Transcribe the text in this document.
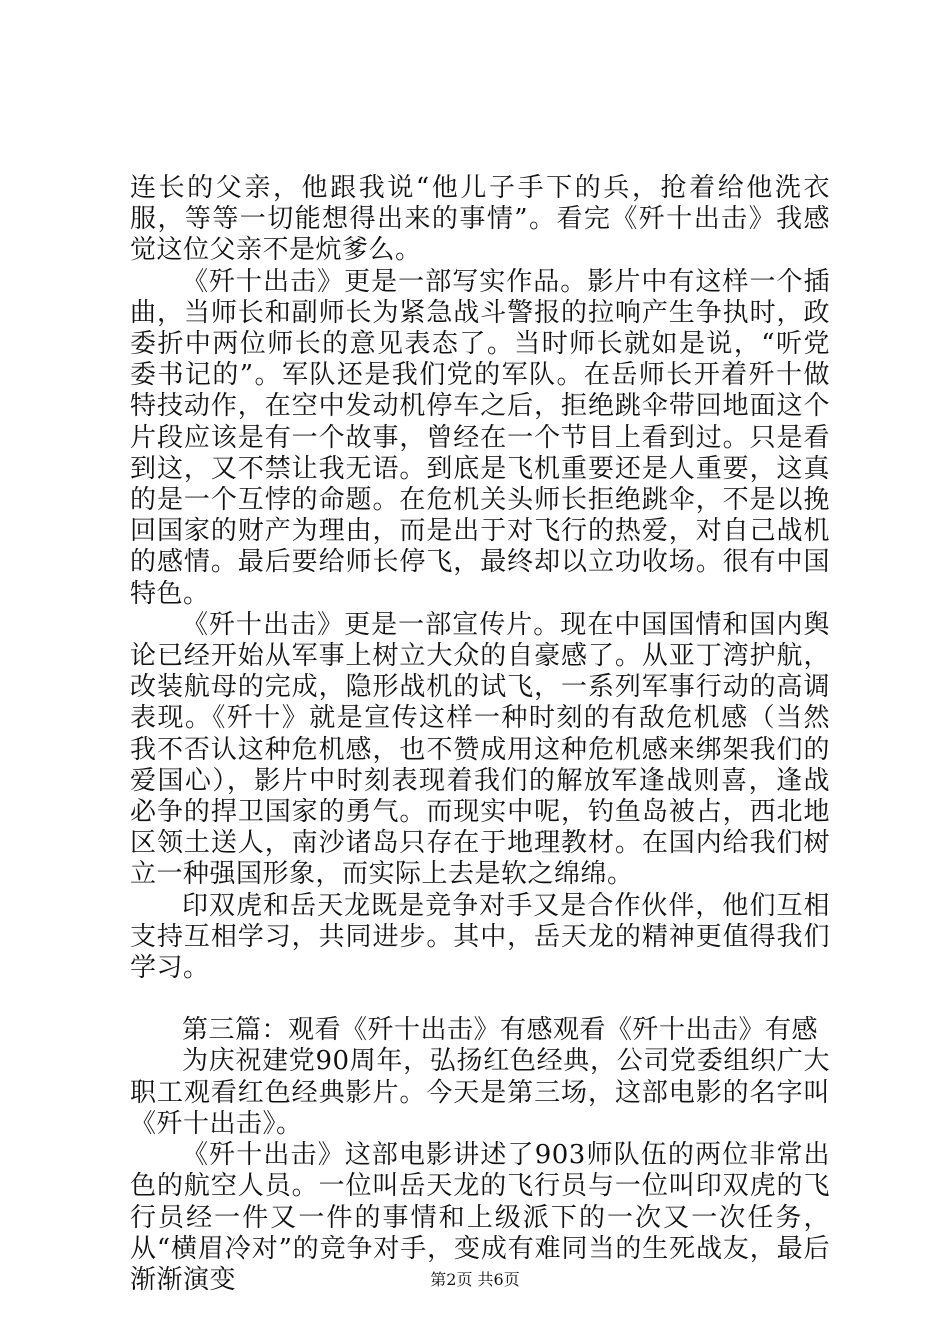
连长的父亲，他跟我说“他儿子手下的兵，抢着给他洗衣服，等等一切能想得出来的事情”。看完《歼十出击》我感觉这位父亲不是炕爹么。

《歼十出击》更是一部写实作品。影片中有这样一个插曲，当师长和副师长为紧急战斗警报的拉响产生争执时，政委折中两位师长的意见表态了。当时师长就如是说，“听党委书记的”。军队还是我们党的军队。在岳师长开着歼十做特技动作，在空中发动机停车之后，拒绝跳伞带回地面这个片段应该是有一个故事，曾经在一个节目上看到过。只是看到这，又不禁让我无语。到底是飞机重要还是人重要，这真的是一个互悖的命题。在危机关头师长拒绝跳伞，不是以挽回国家的财产为理由，而是出于对飞行的热爱，对自己战机的感情。最后要给师长停飞，最终却以立功收场。很有中国特色。

《歼十出击》更是一部宣传片。现在中国国情和国内舆论已经开始从军事上树立大众的自豪感了。从亚丁湾护航，改装航母的完成，隐形战机的试飞，一系列军事行动的高调表现。《歼十》就是宣传这样一种时刻的有敌危机感（当然我不否认这种危机感，也不赞成用这种危机感来绑架我们的爱国心），影片中时刻表现着我们的解放军逢战则喜，逢战必争的捍卫国家的勇气。而现实中呢，钓鱼岛被占，西北地区领土送人，南沙诸岛只存在于地理教材。在国内给我们树立一种强国形象，而实际上去是软之绵绵。

印双虎和岳天龙既是竞争对手又是合作伙伴，他们互相支持互相学习，共同进步。其中，岳天龙的精神更值得我们学习。

第三篇：观看《歼十出击》有感观看《歼十出击》有感

为庆祝建党90周年，弘扬红色经典，公司党委组织广大职工观看红色经典影片。今天是第三场，这部电影的名字叫《歼十出击》。

《歼十出击》这部电影讲述了903师队伍的两位非常出色的航空人员。一位叫岳天龙的飞行员与一位叫印双虎的飞行员经一件又一件的事情和上级派下的一次又一次任务，从“横眉冷对”的竞争对手，变成有难同当的生死战友，最后渐渐演变	第2页 共6页
